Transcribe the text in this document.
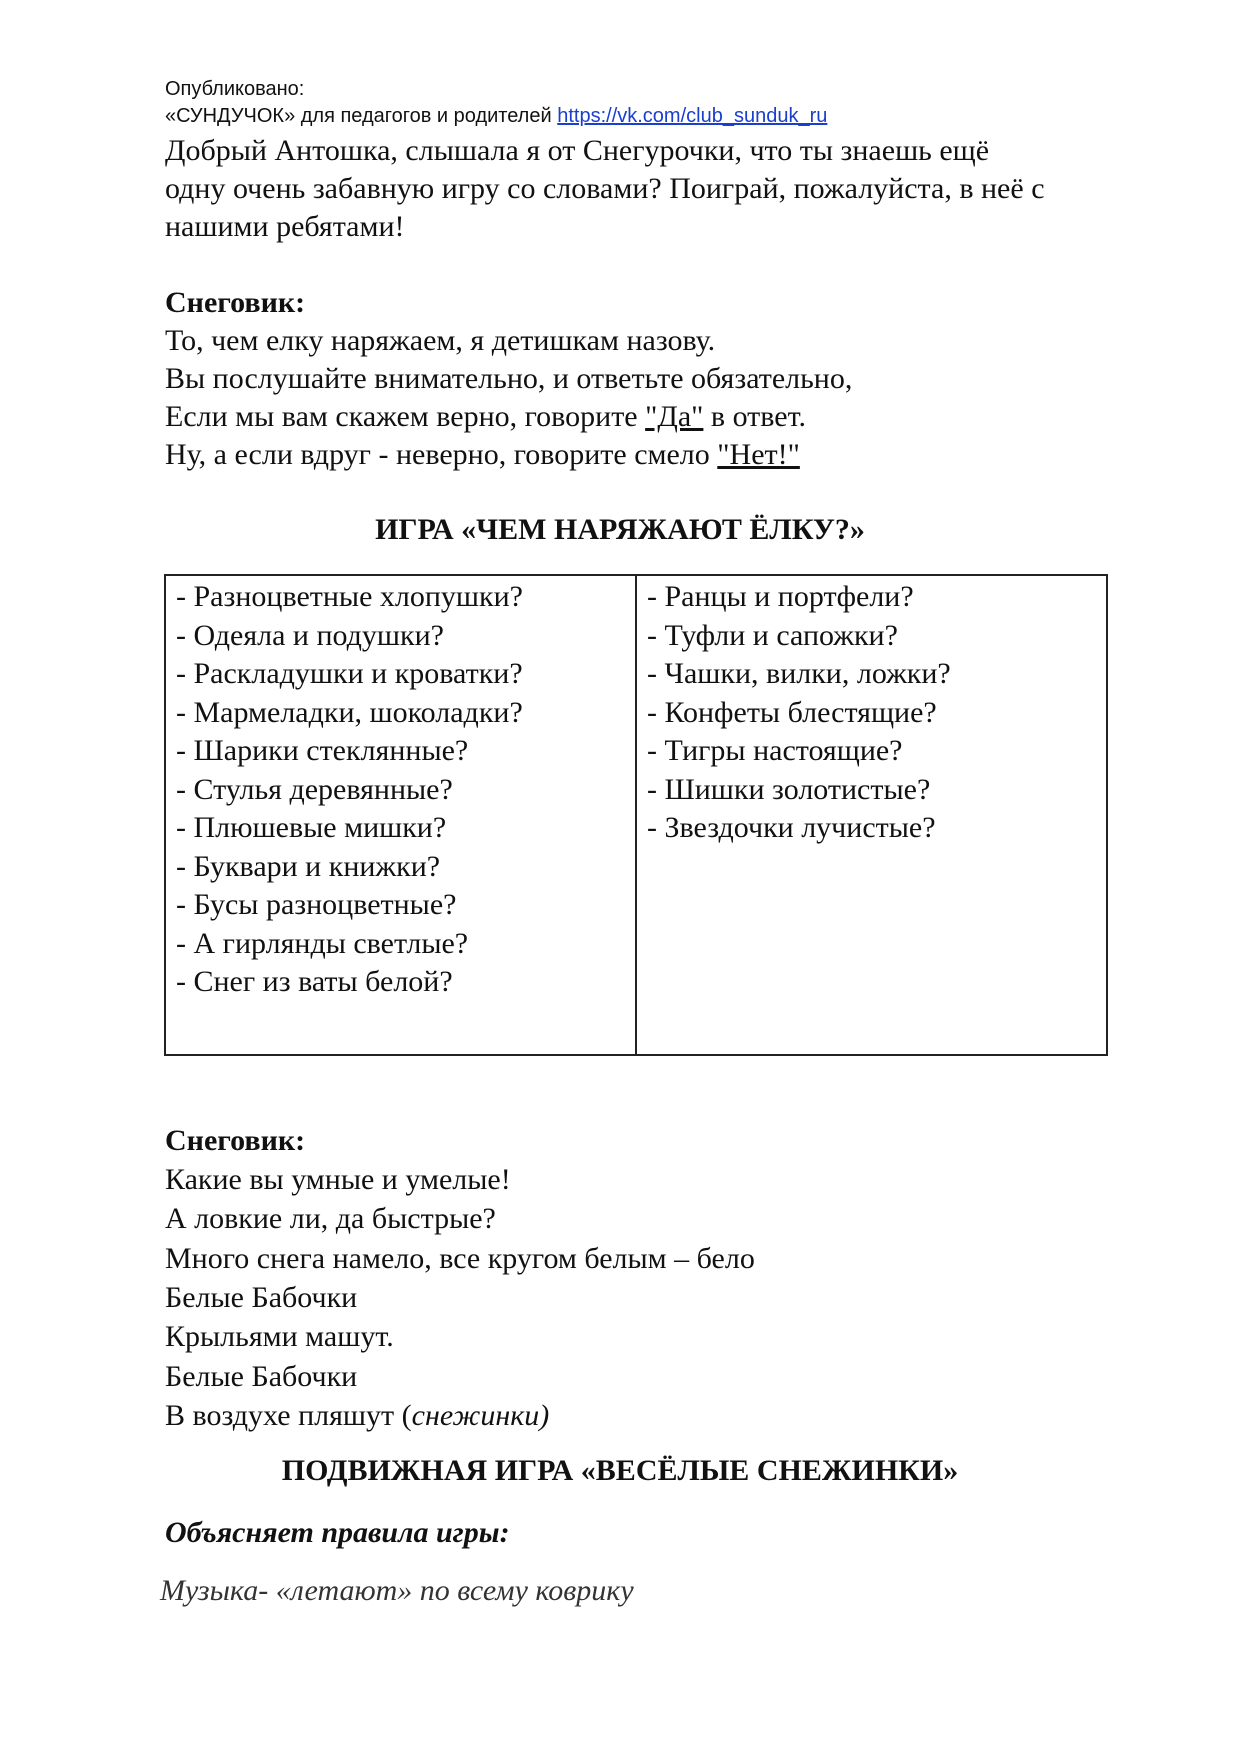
Опубликовано:
«СУНДУЧОК» для педагогов и родителей https://vk.com/club_sunduk_ru
Добрый Антошка, слышала я от Снегурочки, что ты знаешь ещё
одну очень забавную игру со словами? Поиграй, пожалуйста, в неё с
нашими ребятами!
Снеговик:
То, чем елку наряжаем, я детишкам назову.
Вы послушайте внимательно, и ответьте обязательно,
Если мы вам скажем верно, говорите "Да" в ответ.
Ну, а если вдруг - неверно, говорите смело "Нет!"
ИГРА «ЧЕМ НАРЯЖАЮТ ЁЛКУ?»
- Разноцветные хлопушки?
- Одеяла и подушки?
- Раскладушки и кроватки?
- Мармеладки, шоколадки?
- Шарики стеклянные?
- Стулья деревянные?
- Плюшевые мишки?
- Буквари и книжки?
- Бусы разноцветные?
- А гирлянды светлые?
- Снег из ваты белой?

- Ранцы и портфели?
- Туфли и сапожки?
- Чашки, вилки, ложки?
- Конфеты блестящие?
- Тигры настоящие?
- Шишки золотистые?
- Звездочки лучистые?
Снеговик:
Какие вы умные и умелые!
А ловкие ли, да быстрые?
Много снега намело, все кругом белым – бело
Белые Бабочки
Крыльями машут.
Белые Бабочки
В воздухе пляшут (снежинки)
ПОДВИЖНАЯ ИГРА «ВЕСЁЛЫЕ СНЕЖИНКИ»
Объясняет правила игры:
Музыка- «летают» по всему коврику
